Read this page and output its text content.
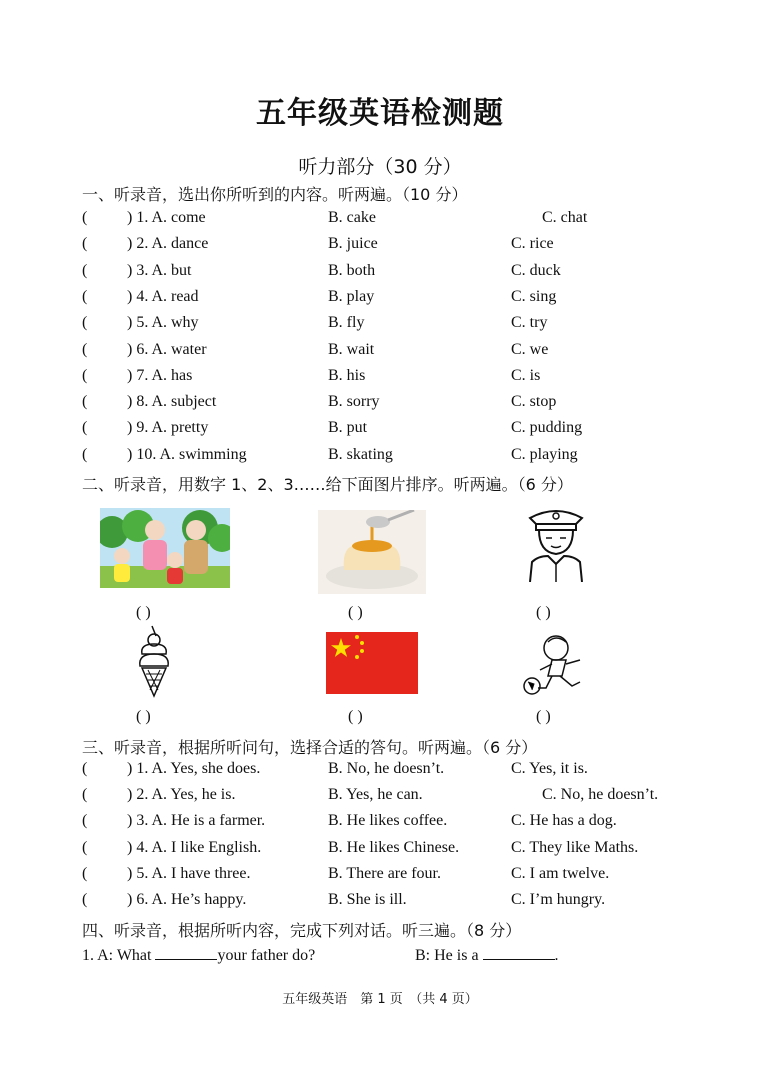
五年级英语检测题
听力部分（30 分）
一、听录音，选出你所听到的内容。听两遍。（10 分）
( ) 1. A. come	B. cake	C. chat
( ) 2. A. dance	B. juice	C. rice
( ) 3. A. but	B. both	C. duck
( ) 4. A. read	B. play	C. sing
( ) 5. A. why	B. fly	C. try
( ) 6. A. water	B. wait	C. we
( ) 7. A. has	B. his	C. is
( ) 8. A. subject	B. sorry	C. stop
( ) 9. A. pretty	B. put	C. pudding
( ) 10. A. swimming	B. skating	C. playing
二、听录音，用数字 1、2、3……给下面图片排序。听两遍。（6 分）
( )	( )	( )
( )	( )	( )
三、听录音，根据所听问句，选择合适的答句。听两遍。（6 分）
( ) 1. A. Yes, she does.	B. No, he doesn’t.	C. Yes, it is.
( ) 2. A. Yes, he is.	B. Yes, he can.	C. No, he doesn’t.
( ) 3. A. He is a farmer.	B. He likes coffee.	C. He has a dog.
( ) 4. A. I like English.	B. He likes Chinese.	C. They like Maths.
( ) 5. A. I have three.	B. There are four.	C. I am twelve.
( ) 6. A. He’s happy.	B. She is ill.	C. I’m hungry.
四、听录音，根据所听内容，完成下列对话。听三遍。（8 分）
1. A: What	your father do?	B: He is a	.
五年级英语　第 1 页　（共 4 页）
